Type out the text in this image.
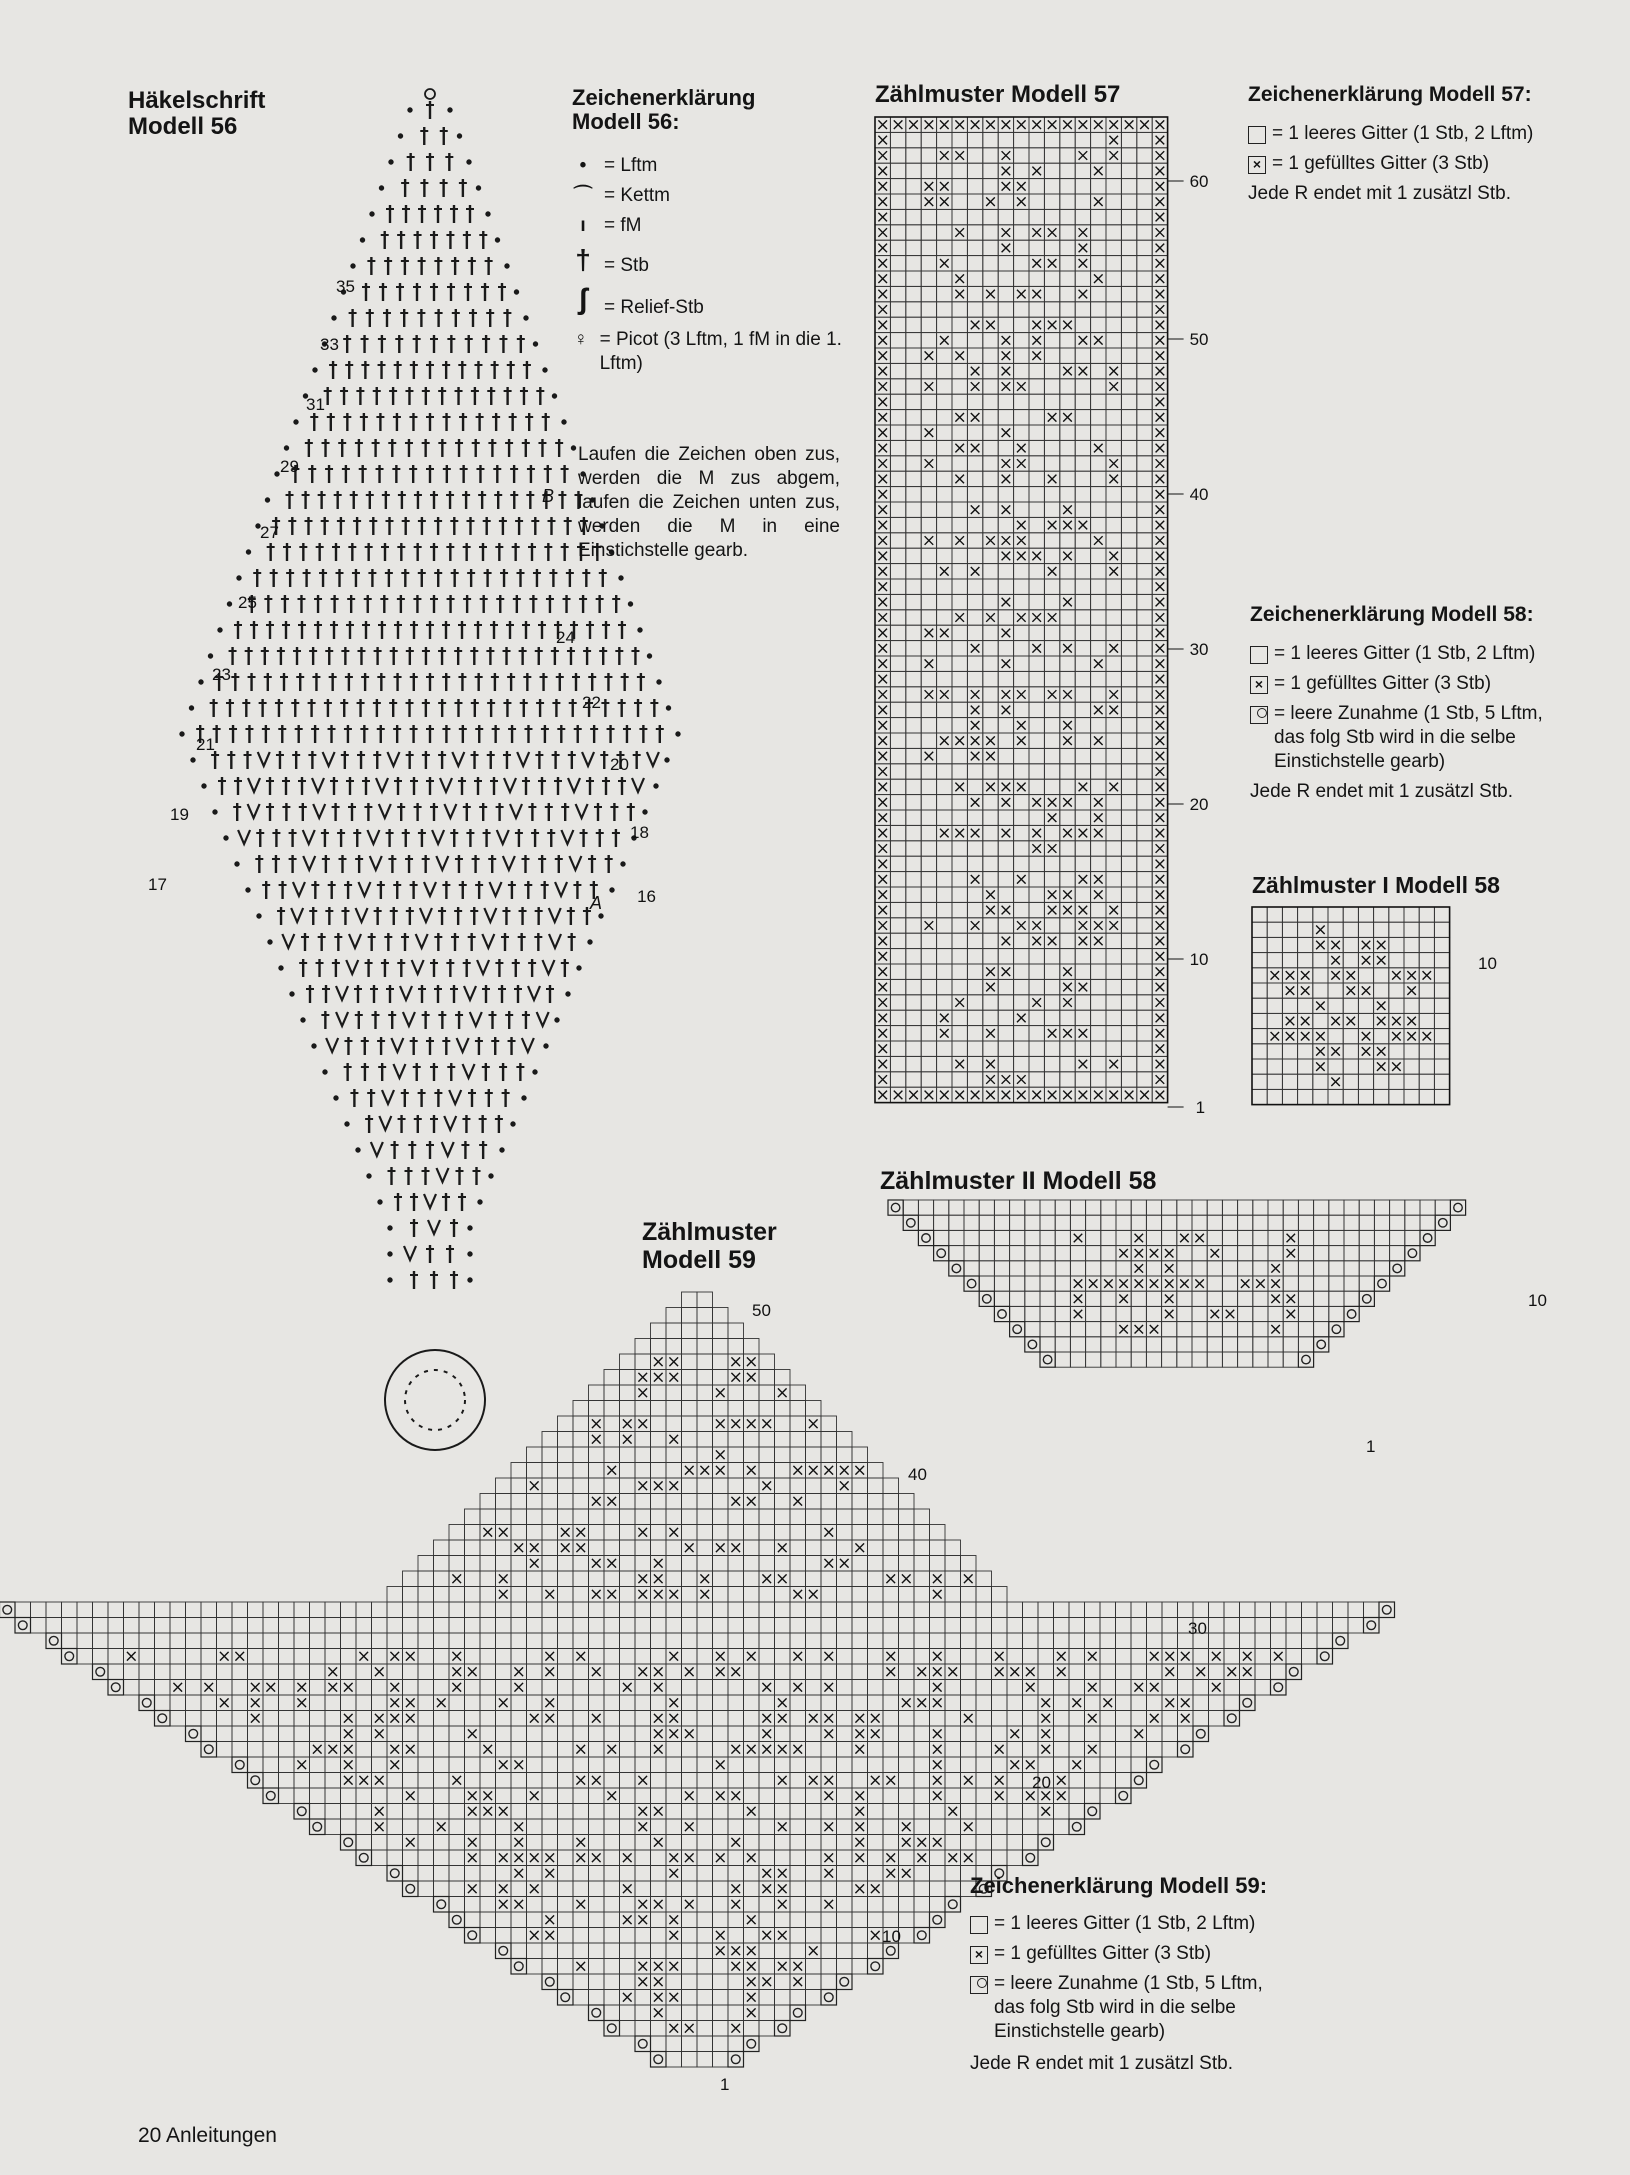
Häkelschrift
Modell 56
35
33
31
29
27
25
24
23
22
21
20
19
18
17
16
B
A
Zeichenerklärung
Modell 56:
• = Lftm
⌒ = Kettm
ı = fM
† = Stb
ʃ = Relief-Stb
♀ = Picot (3 Lftm, 1 fM in die 1. Lftm)
Laufen die Zeichen oben zus, werden die M zus abgem, laufen die Zeichen unten zus, werden die M in eine Einstichstelle gearb.
Zählmuster Modell 57
60
50
40
30
20
10
1
Zeichenerklärung Modell 57:
= 1 leeres Gitter (1 Stb, 2 Lftm)
× = 1 gefülltes Gitter (3 Stb)
Jede R endet mit 1 zusätzl Stb.
Zeichenerklärung Modell 58:
= 1 leeres Gitter (1 Stb, 2 Lftm)
× = 1 gefülltes Gitter (3 Stb)
= leere Zunahme (1 Stb, 5 Lftm, das folg Stb wird in die selbe Einstichstelle gearb)
Jede R endet mit 1 zusätzl Stb.
Zählmuster I Modell 58
10
Zählmuster II Modell 58
10
1
Zählmuster
Modell 59
50
40
30
20
10
1
Zeichenerklärung Modell 59:
= 1 leeres Gitter (1 Stb, 2 Lftm)
× = 1 gefülltes Gitter (3 Stb)
= leere Zunahme (1 Stb, 5 Lftm, das folg Stb wird in die selbe Einstichstelle gearb)
Jede R endet mit 1 zusätzl Stb.
20 Anleitungen
